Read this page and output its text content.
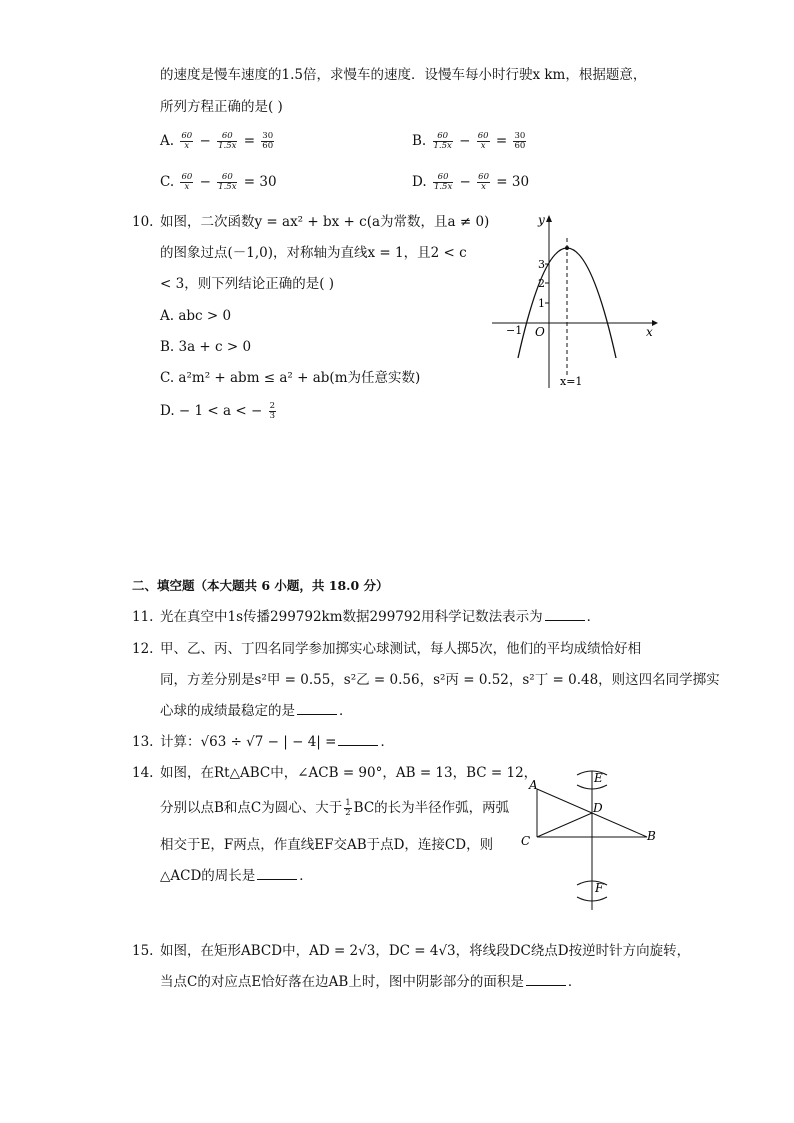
的速度是慢车速度的1.5倍，求慢车的速度．设慢车每小时行驶x km，根据题意，
所列方程正确的是( )
A. $\frac{60}{x} - \frac{60}{1.5x} = \frac{30}{60}$	B. $\frac{60}{1.5x} - \frac{60}{x} = \frac{30}{60}$
C. $\frac{60}{x} - \frac{60}{1.5x} = 30$	D. $\frac{60}{1.5x} - \frac{60}{x} = 30$
10. 如图，二次函数y = ax² + bx + c(a为常数，且a ≠ 0)
的图象过点(－1,0)，对称轴为直线x = 1，且2 < c
< 3，则下列结论正确的是( )
A. abc > 0
B. 3a + c > 0
C. a²m² + abm ≤ a² + ab(m为任意实数)
D. − 1 < a < − $\frac{2}{3}$
y
x
O
3
2
1
−1
x=1
二、填空题（本大题共 6 小题，共 18.0 分）
11. 光在真空中1s传播299792km数据299792用科学记数法表示为	．
12. 甲、乙、丙、丁四名同学参加掷实心球测试，每人掷5次，他们的平均成绩恰好相
同，方差分别是s²甲 = 0.55，s²乙 = 0.56，s²丙 = 0.52，s²丁 = 0.48，则这四名同学掷实
心球的成绩最稳定的是	．
13. 计算：√63 ÷ √7 − | − 4| =	．
14. 如图，在Rt△ABC中，∠ACB = 90°，AB = 13，BC = 12，
分别以点B和点C为圆心、大于 $\frac{1}{2}$ BC的长为半径作弧，两弧
相交于E，F两点，作直线EF交AB于点D，连接CD，则
△ACD的周长是	．
A
B
C
D
E
F
15. 如图，在矩形ABCD中，AD = 2√3，DC = 4√3，将线段DC绕点D按逆时针方向旋转，
当点C的对应点E恰好落在边AB上时，图中阴影部分的面积是	．
